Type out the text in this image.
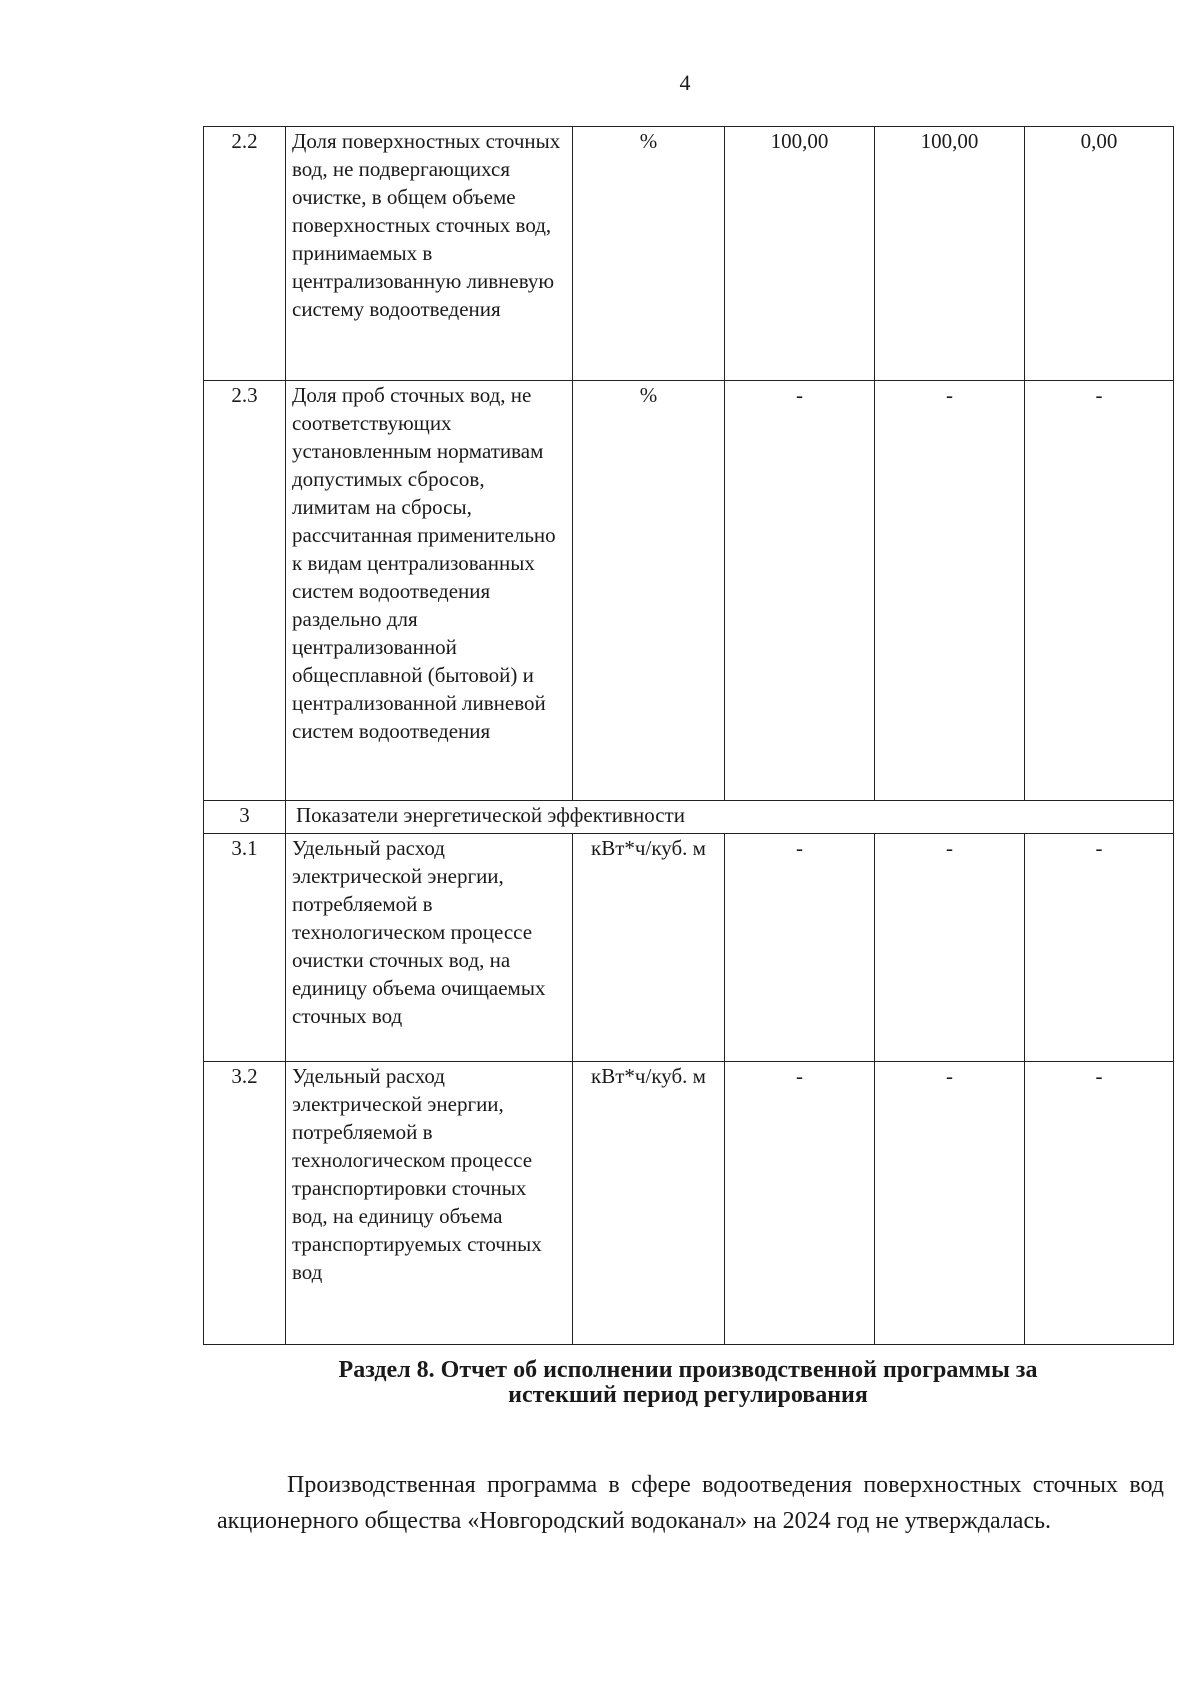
4
2.2	Доля поверхностных сточных вод, не подвергающихся очистке, в общем объеме поверхностных сточных вод, принимаемых в централизованную ливневую систему водоотведения	%	100,00	100,00	0,00
2.3	Доля проб сточных вод, не соответствующих установленным нормативам допустимых сбросов, лимитам на сбросы, рассчитанная применительно к видам централизованных систем водоотведения раздельно для централизованной общесплавной (бытовой) и централизованной ливневой систем водоотведения	%	-	-	-
3	Показатели энергетической эффективности				
3.1	Удельный расход электрической энергии, потребляемой в технологическом процессе очистки сточных вод, на единицу объема очищаемых сточных вод	кВт*ч/куб. м	-	-	-
3.2	Удельный расход электрической энергии, потребляемой в технологическом процессе транспортировки сточных вод, на единицу объема транспортируемых сточных вод	кВт*ч/куб. м	-	-	-
Раздел 8. Отчет об исполнении производственной программы за
истекший период регулирования

Производственная программа в сфере водоотведения поверхностных сточных вод акционерного общества «Новгородский водоканал» на 2024 год не утверждалась.
